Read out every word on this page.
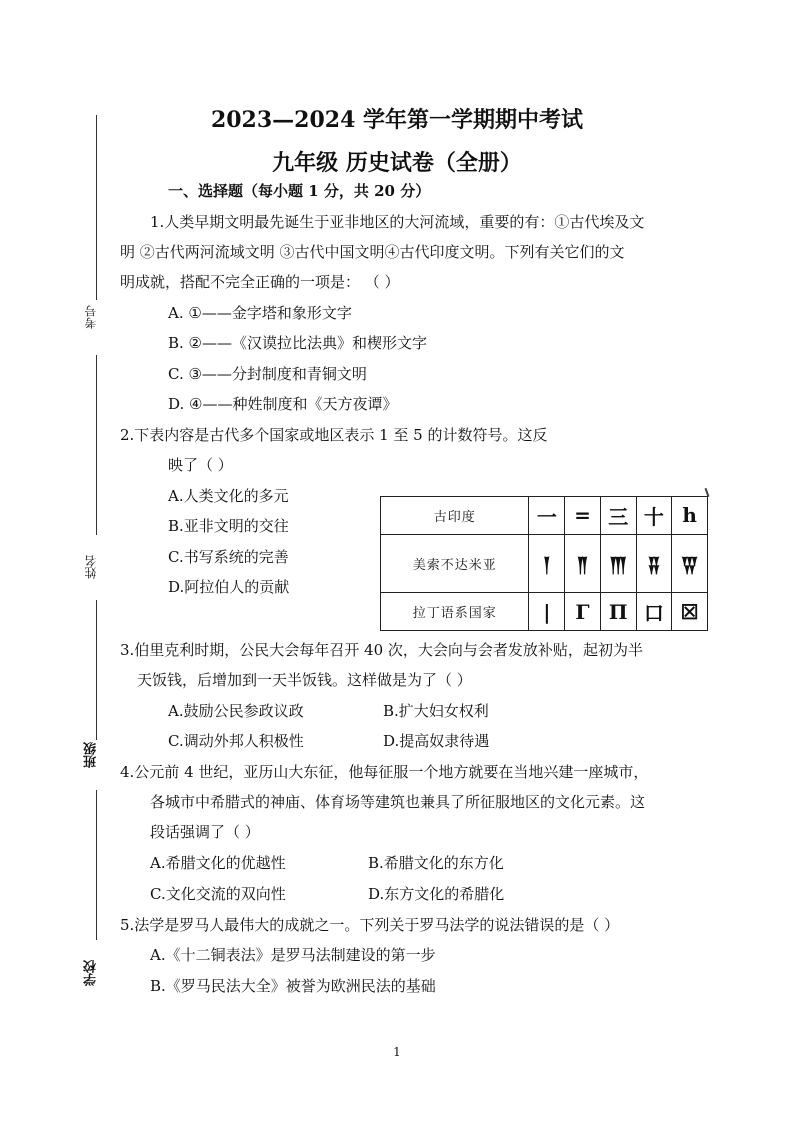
考号
姓名
班级
学校
2023—2024 学年第一学期期中考试
九年级 历史试卷（全册）
一、选择题（每小题 1 分，共 20 分）
1.人类早期文明最先诞生于亚非地区的大河流域，重要的有：①古代埃及文
明 ②古代两河流域文明 ③古代中国文明④古代印度文明。下列有关它们的文
明成就，搭配不完全正确的一项是： （ ）
A. ①——金字塔和象形文字
B. ②——《汉谟拉比法典》和楔形文字
C. ③——分封制度和青铜文明
D. ④——种姓制度和《天方夜谭》
2.下表内容是古代多个国家或地区表示 1 至 5 的计数符号。这反
映了（ ）
A.人类文化的多元
B.亚非文明的交往
C.书写系统的完善
D.阿拉伯人的贡献
古印度	一	=	三	十	h
美索不达米亚	𒁹	𒈫	𒐈	𒐉	𒐊
拉丁语系国家	|	Γ	Π	口	☒
3.伯里克利时期，公民大会每年召开 40 次，大会向与会者发放补贴，起初为半
天饭钱，后增加到一天半饭钱。这样做是为了（ ）
A.鼓励公民参政议政	B.扩大妇女权利
C.调动外邦人积极性	D.提高奴隶待遇
4.公元前 4 世纪，亚历山大东征，他每征服一个地方就要在当地兴建一座城市，
各城市中希腊式的神庙、体育场等建筑也兼具了所征服地区的文化元素。这
段话强调了（ ）
A.希腊文化的优越性	B.希腊文化的东方化
C.文化交流的双向性	D.东方文化的希腊化
5.法学是罗马人最伟大的成就之一。下列关于罗马法学的说法错误的是（ ）
A.《十二铜表法》是罗马法制建设的第一步
B.《罗马民法大全》被誉为欧洲民法的基础
1
